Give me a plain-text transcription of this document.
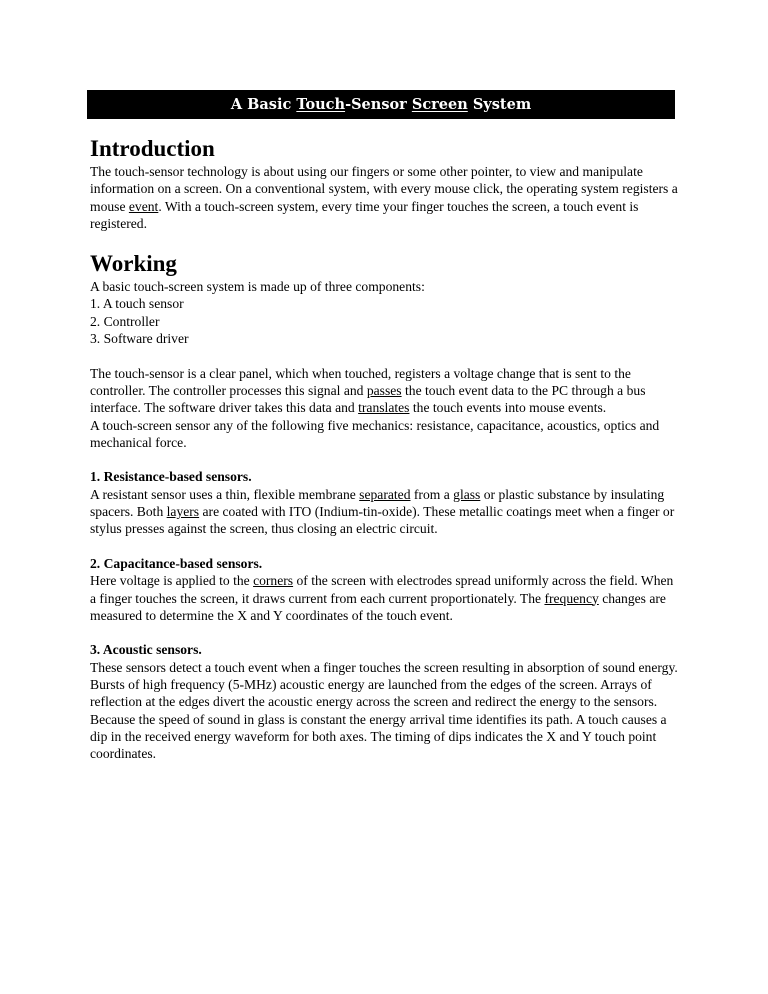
A Basic Touch-Sensor Screen System
Introduction

The touch-sensor technology is about using our fingers or some other pointer, to view and manipulate information on a screen. On a conventional system, with every mouse click, the operating system registers a mouse event. With a touch-screen system, every time your finger touches the screen, a touch event is registered.

Working

A basic touch-screen system is made up of three components:

1. A touch sensor

2. Controller

3. Software driver

The touch-sensor is a clear panel, which when touched, registers a voltage change that is sent to the controller. The controller processes this signal and passes the touch event data to the PC through a bus interface. The software driver takes this data and translates the touch events into mouse events.

A touch-screen sensor any of the following five mechanics: resistance, capacitance, acoustics, optics and mechanical force.

1. Resistance-based sensors.

A resistant sensor uses a thin, flexible membrane separated from a glass or plastic substance by insulating spacers. Both layers are coated with ITO (Indium-tin-oxide). These metallic coatings meet when a finger or stylus presses against the screen, thus closing an electric circuit.

2. Capacitance-based sensors.

Here voltage is applied to the corners of the screen with electrodes spread uniformly across the field. When a finger touches the screen, it draws current from each current proportionately. The frequency changes are measured to determine the X and Y coordinates of the touch event.

3. Acoustic sensors.

These sensors detect a touch event when a finger touches the screen resulting in absorption of sound energy. Bursts of high frequency (5-MHz) acoustic energy are launched from the edges of the screen. Arrays of reflection at the edges divert the acoustic energy across the screen and redirect the energy to the sensors. Because the speed of sound in glass is constant the energy arrival time identifies its path. A touch causes a dip in the received energy waveform for both axes. The timing of dips indicates the X and Y touch point coordinates.
